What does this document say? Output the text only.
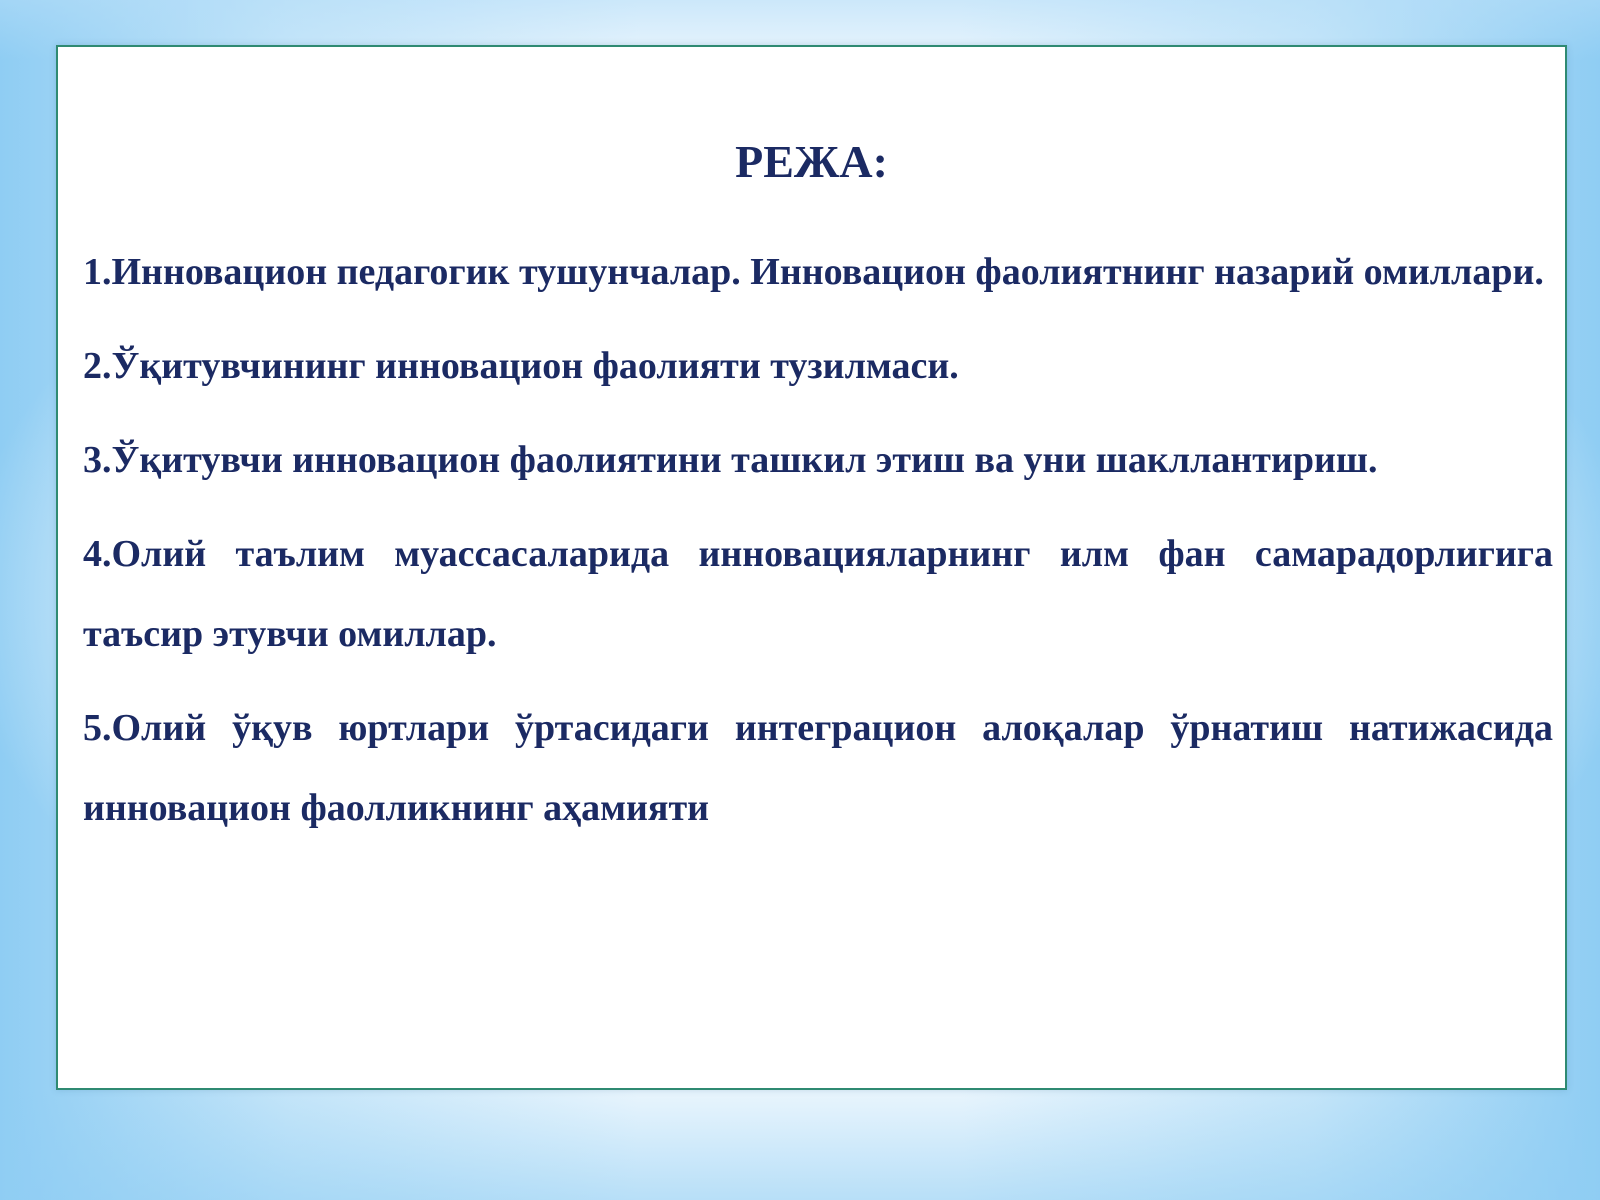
РЕЖА:
1.Инновацион педагогик тушунчалар. Инновацион фаолиятнинг назарий омиллари.
2.Ўқитувчининг инновацион фаолияти тузилмаси.
3.Ўқитувчи инновацион фаолиятини ташкил этиш ва уни шакллантириш.
4.Олий таълим муассасаларида инновацияларнинг илм фан самарадорлигига таъсир этувчи омиллар.
5.Олий ўқув юртлари ўртасидаги интеграцион алоқалар ўрнатиш натижасида инновацион фаолликнинг аҳамияти
